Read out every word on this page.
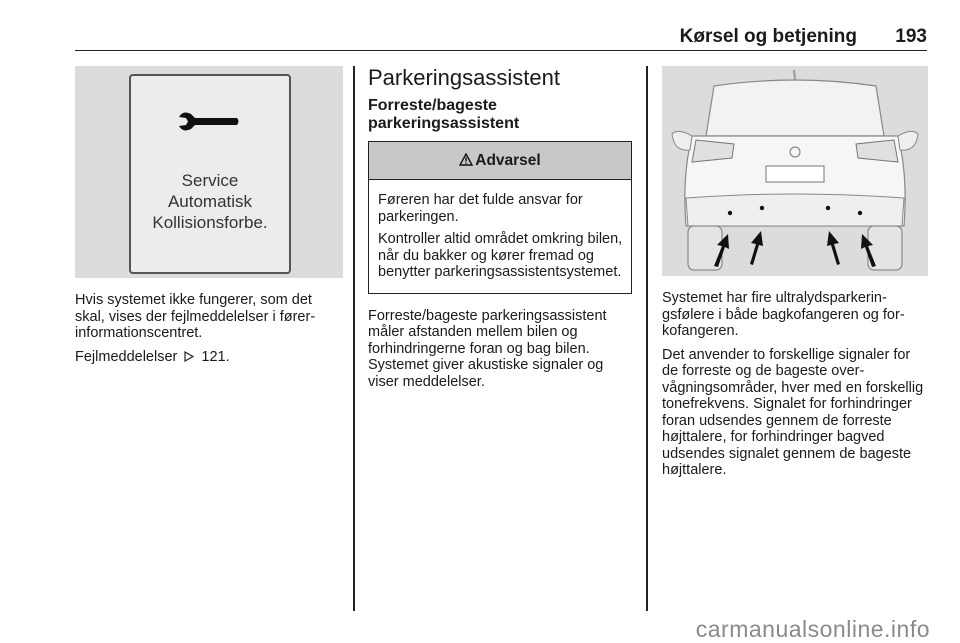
Kørsel og betjening 193
Service
Automatisk
Kollisionsforbe.

Hvis systemet ikke fungerer, som det skal, vises der fejlmeddelelser i førerinformationscentret.

Fejlmeddelelser 121.

Parkeringsassistent
Forreste/bageste parkeringsassistent
Advarsel

Føreren har det fulde ansvar for parkeringen.

Kontroller altid området omkring bilen, når du bakker og kører fremad og benytter parkeringsassistentsystemet.

Forreste/bageste parkeringsassistent måler afstanden mellem bilen og forhindringerne foran og bag bilen. Systemet giver akustiske signaler og viser meddelelser.

Systemet har fire ultralydsparkeringsfølere i både bagkofangeren og forkofangeren.

Det anvender to forskellige signaler for de forreste og de bageste overvågningsområder, hver med en forskellig tonefrekvens. Signalet for forhindringer foran udsendes gennem de forreste højttalere, for forhindringer bagved udsendes signalet gennem de bageste højttalere.

carmanualsonline.info
